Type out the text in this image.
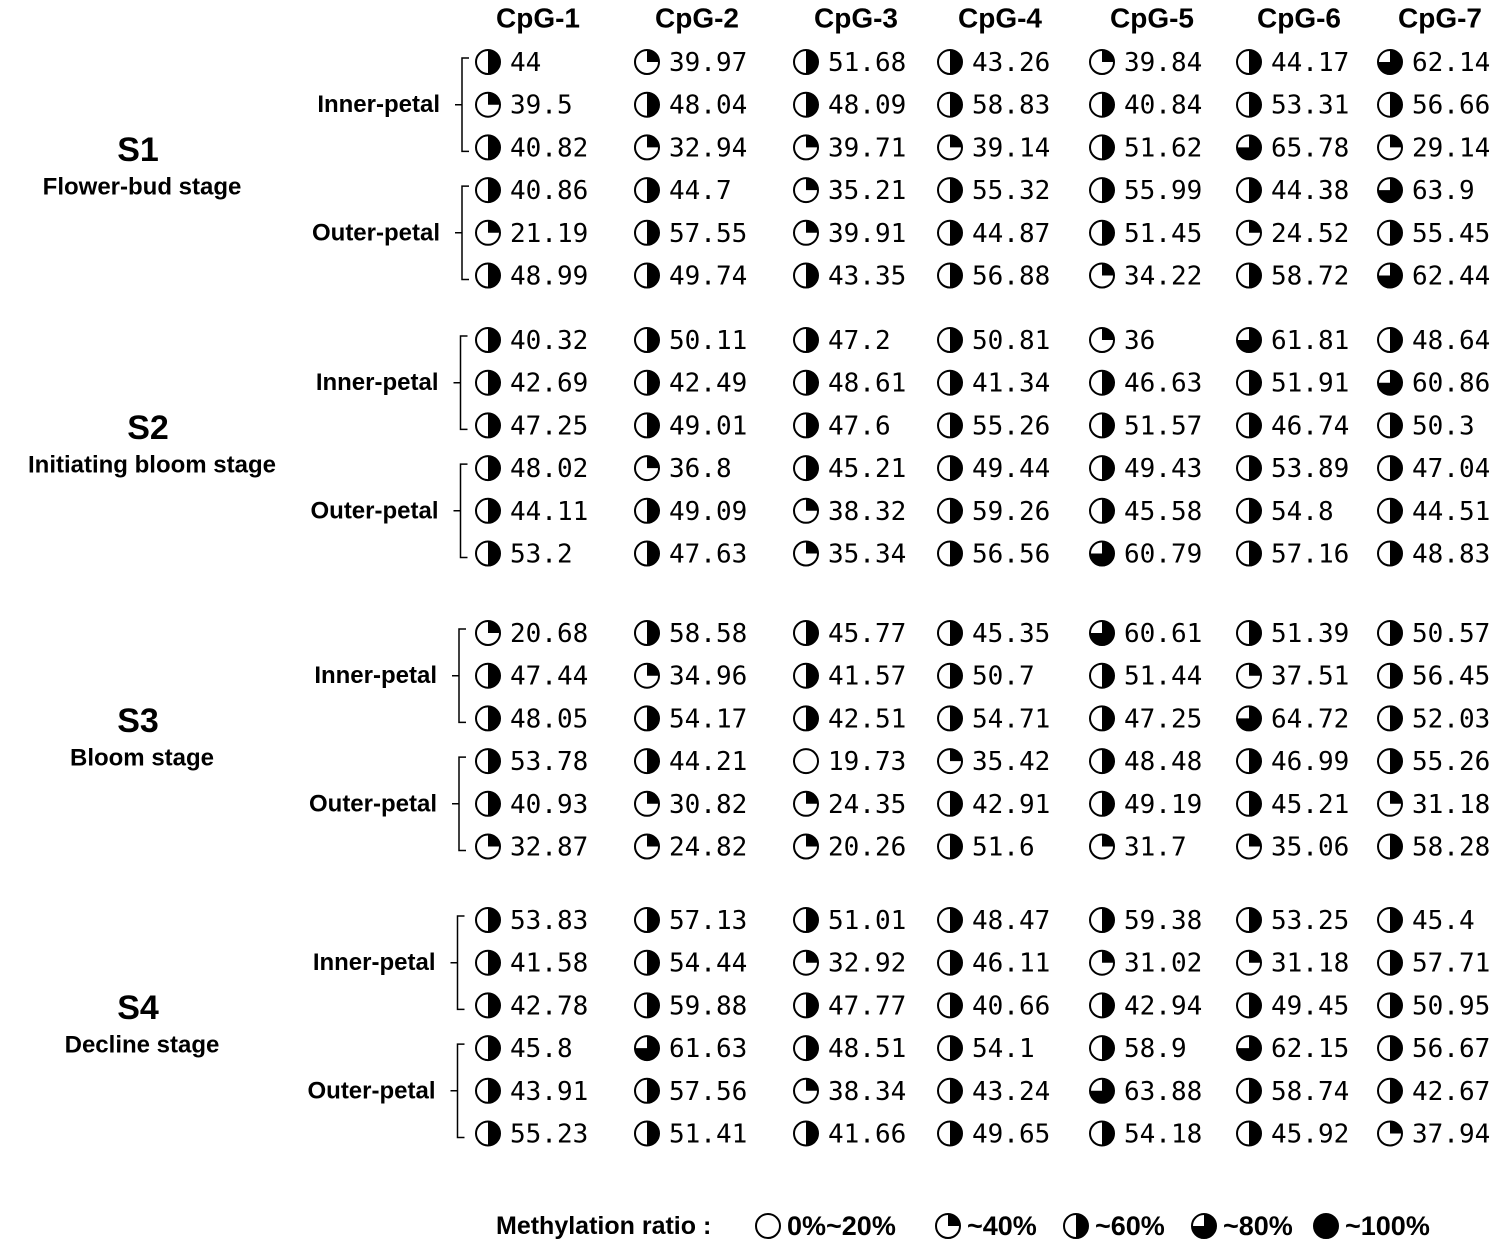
CpG-1	CpG-2	CpG-3 CpG-4 CpG-5 CpG-6 CpG-7
S1
Flower-bud stage
Inner-petal
44	39.97	51.68	43.26	39.84	44.17 62.14
39.5	48.04	48.09	58.83	40.84	53.31 56.66
40.82	32.94	39.71	39.14	51.62	65.78 29.14
Outer-petal
40.86	44.7	35.21	55.32	55.99	44.38 63.9
21.19	57.55	39.91	44.87	51.45	24.52 55.45
48.99	49.74	43.35	56.88	34.22	58.72 62.44
S2
Initiating bloom stage
Inner-petal
40.32	50.11	47.2	50.81	36	61.81 48.64
42.69	42.49	48.61	41.34	46.63	51.91 60.86
47.25	49.01	47.6	55.26	51.57	46.74 50.3
Outer-petal
48.02	36.8	45.21	49.44	49.43	53.89 47.04
44.11	49.09	38.32	59.26	45.58	54.8	44.51
53.2	47.63	35.34	56.56	60.79	57.16 48.83
S3
Bloom stage
Inner-petal
20.68	58.58	45.77	45.35	60.61	51.39 50.57
47.44	34.96	41.57	50.7	51.44	37.51 56.45
48.05	54.17	42.51	54.71	47.25	64.72 52.03
Outer-petal
53.78	44.21	19.73	35.42	48.48	46.99 55.26
40.93	30.82	24.35	42.91	49.19	45.21 31.18
32.87	24.82	20.26	51.6	31.7	35.06 58.28
S4
Decline stage
Inner-petal
53.83	57.13	51.01	48.47	59.38	53.25 45.4
41.58	54.44	32.92	46.11	31.02	31.18 57.71
42.78	59.88	47.77	40.66	42.94	49.45 50.95
Outer-petal
45.8	61.63	48.51	54.1	58.9	62.15 56.67
43.91	57.56	38.34	43.24	63.88	58.74 42.67
55.23	51.41	41.66	49.65	54.18	45.92 37.94
Methylation ratio :	0%~20%	~40% ~60% ~80% ~100%
